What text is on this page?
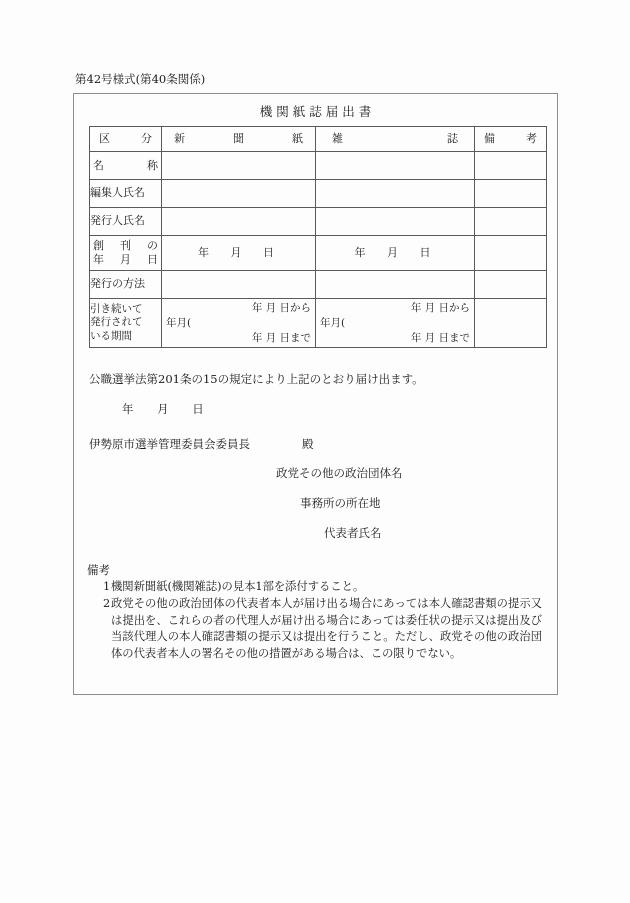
第42号様式(第40条関係)
機関紙誌届出書
区分	新聞紙	雑誌	備考

名称			

編集人氏名			

発行人氏名			

創刊の
年月日	年 月 日	年 月 日	

発行の方法			

引き続いて
発行されて
いる期間	年 月 日から
年月(
年 月 日まで	年 月 日から
年月(
年 月 日まで	

公職選挙法第201条の15の規定により上記のとおり届け出ます。
年 月 日
伊勢原市選挙管理委員会委員長	殿
政党その他の政治団体名
事務所の所在地
代表者氏名
備考
1 機関新聞紙(機関雑誌)の見本1部を添付すること。
2 政党その他の政治団体の代表者本人が届け出る場合にあっては本人確認書類の提示又は提出を、これらの者の代理人が届け出る場合にあっては委任状の提示又は提出及び当該代理人の本人確認書類の提示又は提出を行うこと。ただし、政党その他の政治団体の代表者本人の署名その他の措置がある場合は、この限りでない。
